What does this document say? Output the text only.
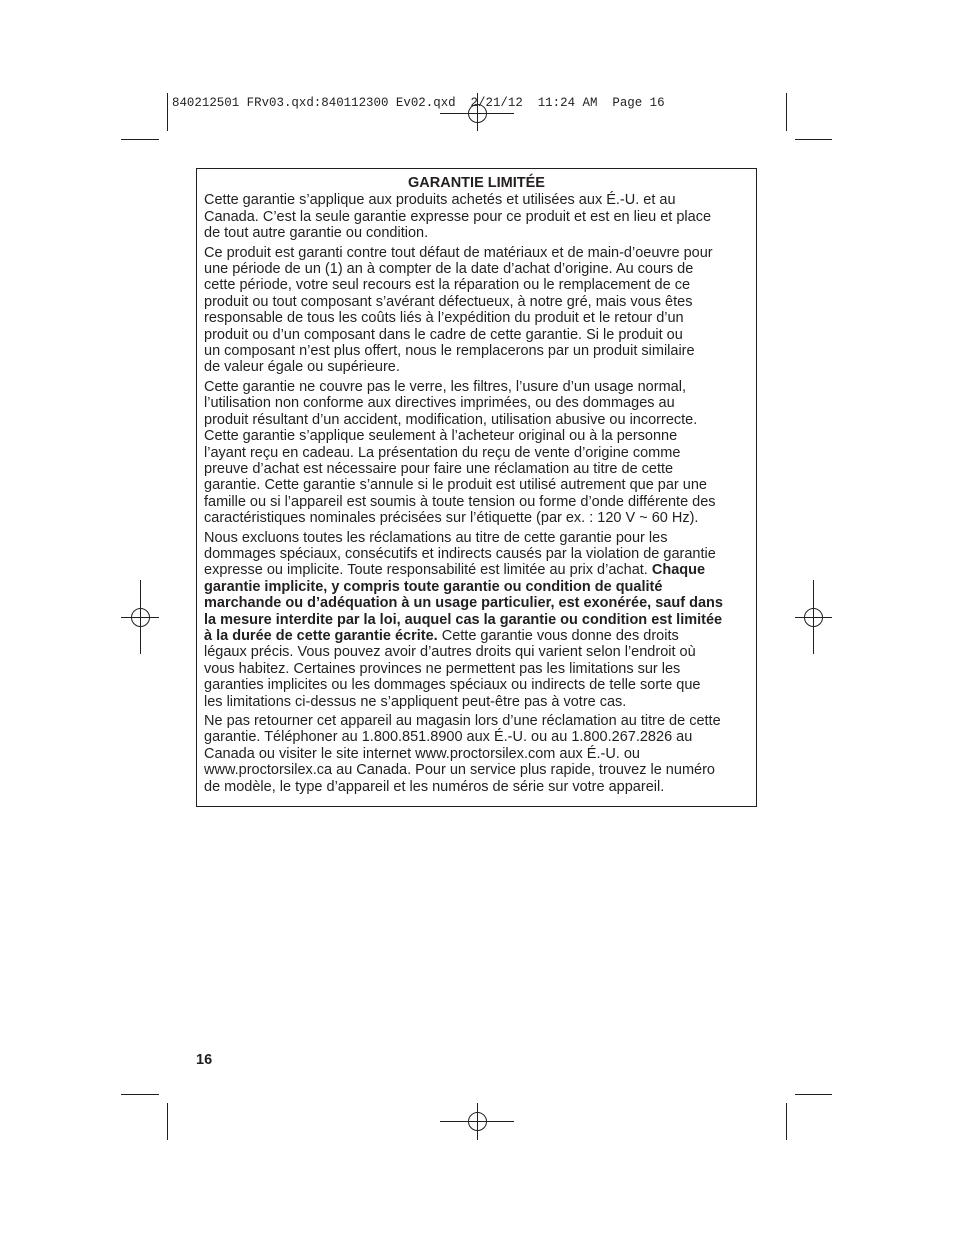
840212501 FRv03.qxd:840112300 Ev02.qxd  2/21/12  11:24 AM  Page 16
GARANTIE LIMITÉE
Cette garantie s’applique aux produits achetés et utilisées aux É.-U. et au
Canada. C’est la seule garantie expresse pour ce produit et est en lieu et place
de tout autre garantie ou condition.
Ce produit est garanti contre tout défaut de matériaux et de main-d’oeuvre pour
une période de un (1) an à compter de la date d’achat d’origine. Au cours de
cette période, votre seul recours est la réparation ou le remplacement de ce
produit ou tout composant s’avérant défectueux, à notre gré, mais vous êtes
responsable de tous les coûts liés à l’expédition du produit et le retour d’un
produit ou d’un composant dans le cadre de cette garantie. Si le produit ou
un composant n’est plus offert, nous le remplacerons par un produit similaire
de valeur égale ou supérieure.
Cette garantie ne couvre pas le verre, les filtres, l’usure d’un usage normal,
l’utilisation non conforme aux directives imprimées, ou des dommages au
produit résultant d’un accident, modification, utilisation abusive ou incorrecte.
Cette garantie s’applique seulement à l’acheteur original ou à la personne
l’ayant reçu en cadeau. La présentation du reçu de vente d’origine comme
preuve d’achat est nécessaire pour faire une réclamation au titre de cette
garantie. Cette garantie s’annule si le produit est utilisé autrement que par une
famille ou si l’appareil est soumis à toute tension ou forme d’onde différente des
caractéristiques nominales précisées sur l’étiquette (par ex. : 120 V ~ 60 Hz).
Nous excluons toutes les réclamations au titre de cette garantie pour les
dommages spéciaux, consécutifs et indirects causés par la violation de garantie
expresse ou implicite. Toute responsabilité est limitée au prix d’achat. Chaque
garantie implicite, y compris toute garantie ou condition de qualité
marchande ou d’adéquation à un usage particulier, est exonérée, sauf dans
la mesure interdite par la loi, auquel cas la garantie ou condition est limitée
à la durée de cette garantie écrite. Cette garantie vous donne des droits
légaux précis. Vous pouvez avoir d’autres droits qui varient selon l’endroit où
vous habitez. Certaines provinces ne permettent pas les limitations sur les
garanties implicites ou les dommages spéciaux ou indirects de telle sorte que
les limitations ci-dessus ne s’appliquent peut-être pas à votre cas.
Ne pas retourner cet appareil au magasin lors d’une réclamation au titre de cette
garantie. Téléphoner au 1.800.851.8900 aux É.-U. ou au 1.800.267.2826 au
Canada ou visiter le site internet www.proctorsilex.com aux É.-U. ou
www.proctorsilex.ca au Canada. Pour un service plus rapide, trouvez le numéro
de modèle, le type d’appareil et les numéros de série sur votre appareil.
16
